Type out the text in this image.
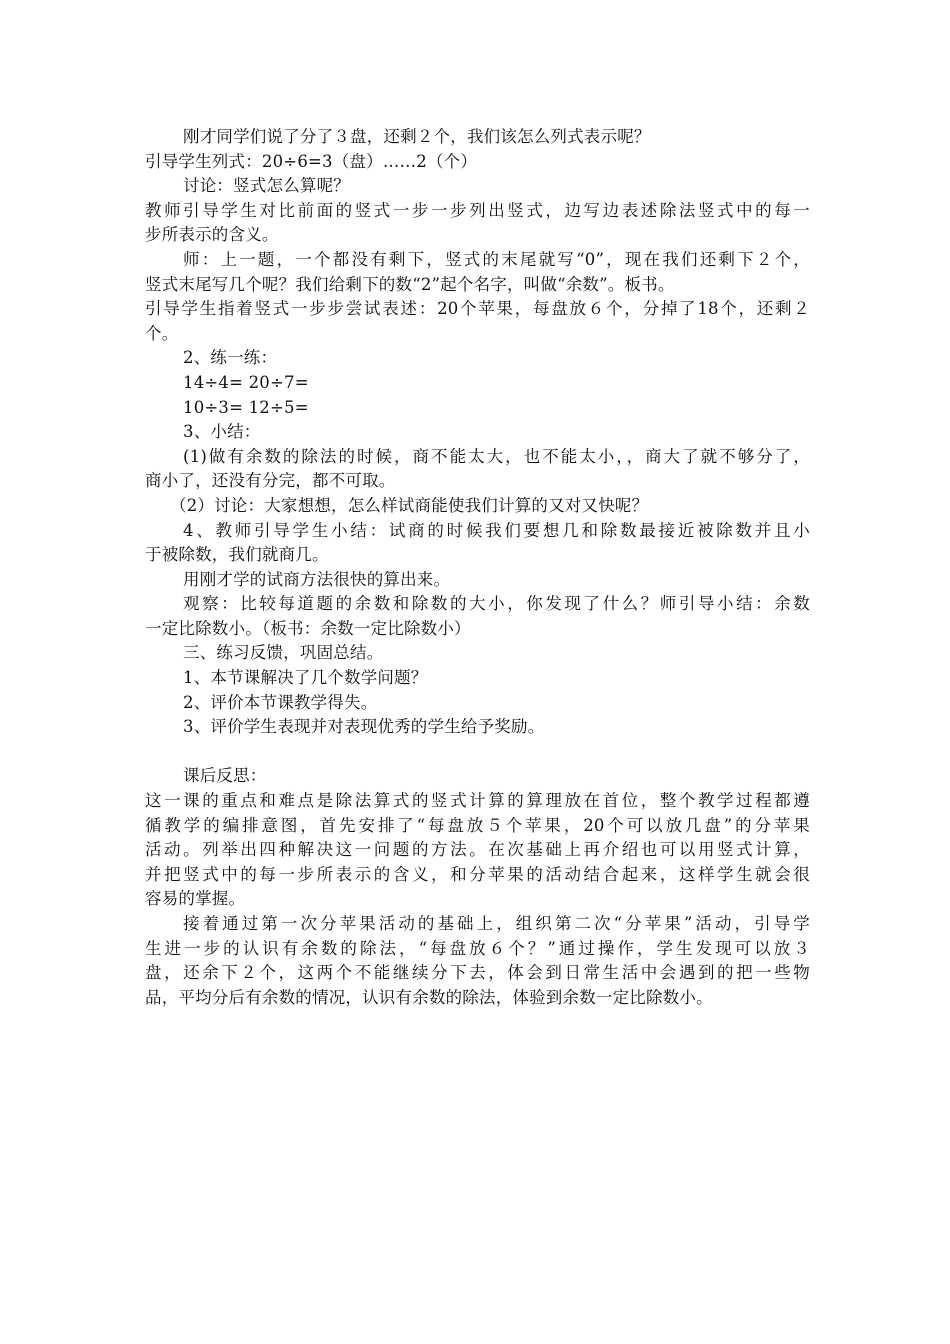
刚才同学们说了分了３盘，还剩２个，我们该怎么列式表示呢？
引导学生列式：20÷6=3（盘）……2（个）
讨论：竖式怎么算呢？
教师引导学生对比前面的竖式一步一步列出竖式，边写边表述除法竖式中的每一
步所表示的含义。
师：上一题，一个都没有剩下，竖式的末尾就写“0”，现在我们还剩下２个，
竖式末尾写几个呢？我们给剩下的数“2”起个名字，叫做“余数”。板书。
引导学生指着竖式一步步尝试表述：20个苹果，每盘放６个，分掉了18个，还剩２
个。
2、练一练：
14÷4= 20÷7=
10÷3= 12÷5=
3、小结：
(1)做有余数的除法的时候，商不能太大，也不能太小，，商大了就不够分了，
商小了，还没有分完，都不可取。
（2）讨论：大家想想，怎么样试商能使我们计算的又对又快呢？
4、教师引导学生小结：试商的时候我们要想几和除数最接近被除数并且小
于被除数，我们就商几。
用刚才学的试商方法很快的算出来。
观察：比较每道题的余数和除数的大小，你发现了什么？师引导小结：余数
一定比除数小。（板书：余数一定比除数小）
三、练习反馈，巩固总结。
1、本节课解决了几个数学问题？
2、评价本节课教学得失。
3、评价学生表现并对表现优秀的学生给予奖励。
课后反思：
这一课的重点和难点是除法算式的竖式计算的算理放在首位，整个教学过程都遵
循教学的编排意图，首先安排了“每盘放５个苹果，20个可以放几盘”的分苹果
活动。列举出四种解决这一问题的方法。在次基础上再介绍也可以用竖式计算，
并把竖式中的每一步所表示的含义，和分苹果的活动结合起来，这样学生就会很
容易的掌握。
接着通过第一次分苹果活动的基础上，组织第二次“分苹果”活动，引导学
生进一步的认识有余数的除法，“每盘放６个？”通过操作，学生发现可以放３
盘，还余下２个，这两个不能继续分下去，体会到日常生活中会遇到的把一些物
品，平均分后有余数的情况，认识有余数的除法，体验到余数一定比除数小。
